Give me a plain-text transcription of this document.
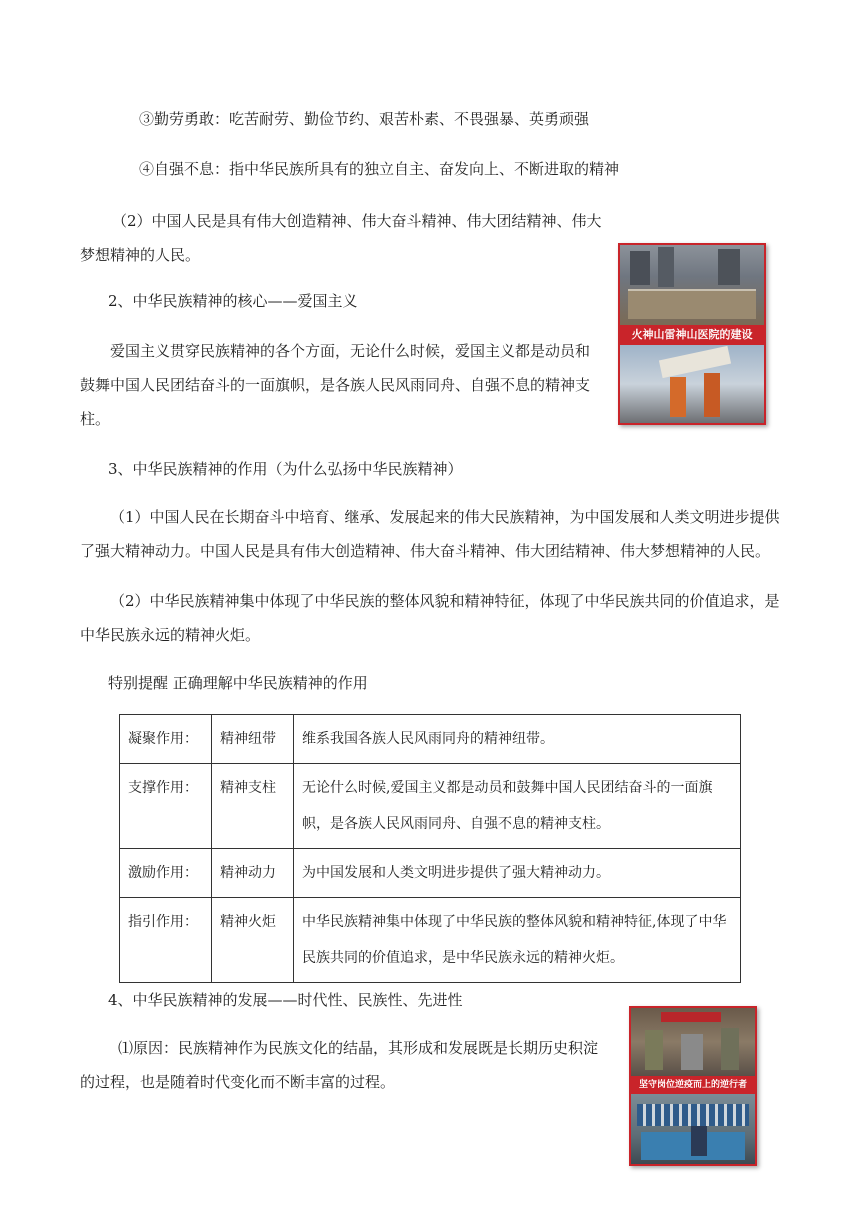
③勤劳勇敢：吃苦耐劳、勤俭节约、艰苦朴素、不畏强暴、英勇顽强
④自强不息：指中华民族所具有的独立自主、奋发向上、不断进取的精神
（2）中国人民是具有伟大创造精神、伟大奋斗精神、伟大团结精神、伟大
梦想精神的人民。
2、中华民族精神的核心——爱国主义
爱国主义贯穿民族精神的各个方面，无论什么时候，爱国主义都是动员和
鼓舞中国人民团结奋斗的一面旗帜，是各族人民风雨同舟、自强不息的精神支
柱。
火神山雷神山医院的建设
3、中华民族精神的作用（为什么弘扬中华民族精神）
（1）中国人民在长期奋斗中培育、继承、发展起来的伟大民族精神，为中国发展和人类文明进步提供
了强大精神动力。中国人民是具有伟大创造精神、伟大奋斗精神、伟大团结精神、伟大梦想精神的人民。
（2）中华民族精神集中体现了中华民族的整体风貌和精神特征，体现了中华民族共同的价值追求，是
中华民族永远的精神火炬。
特别提醒 正确理解中华民族精神的作用
凝聚作用：	精神纽带	维系我国各族人民风雨同舟的精神纽带。
支撑作用：	精神支柱	无论什么时候,爱国主义都是动员和鼓舞中国人民团结奋斗的一面旗帜，是各族人民风雨同舟、自强不息的精神支柱。
激励作用：	精神动力	为中国发展和人类文明进步提供了强大精神动力。
指引作用：	精神火炬	中华民族精神集中体现了中华民族的整体风貌和精神特征,体现了中华民族共同的价值追求，是中华民族永远的精神火炬。
4、中华民族精神的发展——时代性、民族性、先进性
⑴原因：民族精神作为民族文化的结晶，其形成和发展既是长期历史积淀
的过程，也是随着时代变化而不断丰富的过程。	坚守岗位逆疫而上的逆行者
